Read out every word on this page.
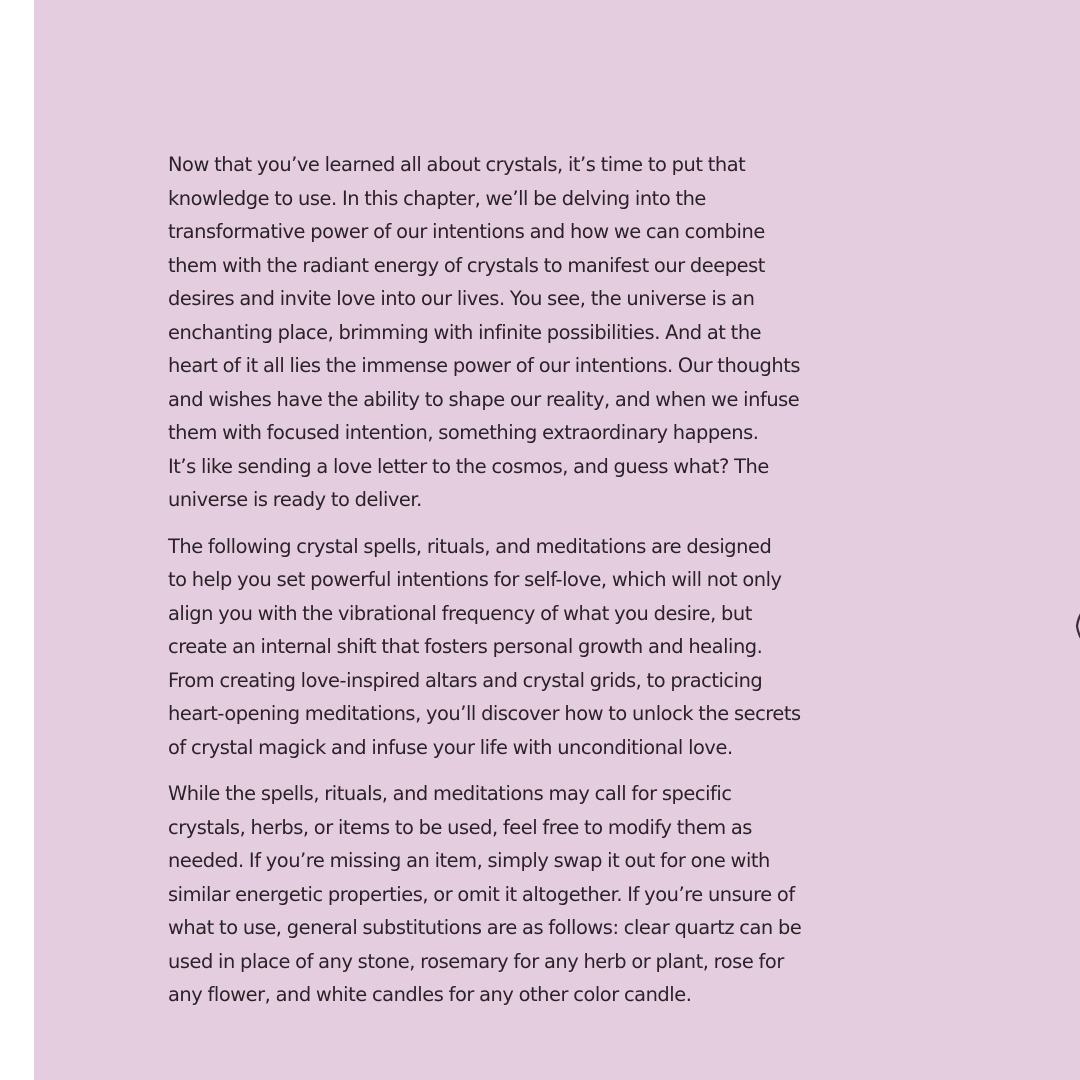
Now that you’ve learned all about crystals, it’s time to put that
knowledge to use. In this chapter, we’ll be delving into the
transformative power of our intentions and how we can combine
them with the radiant energy of crystals to manifest our deepest
desires and invite love into our lives. You see, the universe is an
enchanting place, brimming with infinite possibilities. And at the
heart of it all lies the immense power of our intentions. Our thoughts
and wishes have the ability to shape our reality, and when we infuse
them with focused intention, something extraordinary happens.
It’s like sending a love letter to the cosmos, and guess what? The
universe is ready to deliver.

The following crystal spells, rituals, and meditations are designed
to help you set powerful intentions for self-love, which will not only
align you with the vibrational frequency of what you desire, but
create an internal shift that fosters personal growth and healing.
From creating love-inspired altars and crystal grids, to practicing
heart-opening meditations, you’ll discover how to unlock the secrets
of crystal magick and infuse your life with unconditional love.

While the spells, rituals, and meditations may call for specific
crystals, herbs, or items to be used, feel free to modify them as
needed. If you’re missing an item, simply swap it out for one with
similar energetic properties, or omit it altogether. If you’re unsure of
what to use, general substitutions are as follows: clear quartz can be
used in place of any stone, rosemary for any herb or plant, rose for
any flower, and white candles for any other color candle.
